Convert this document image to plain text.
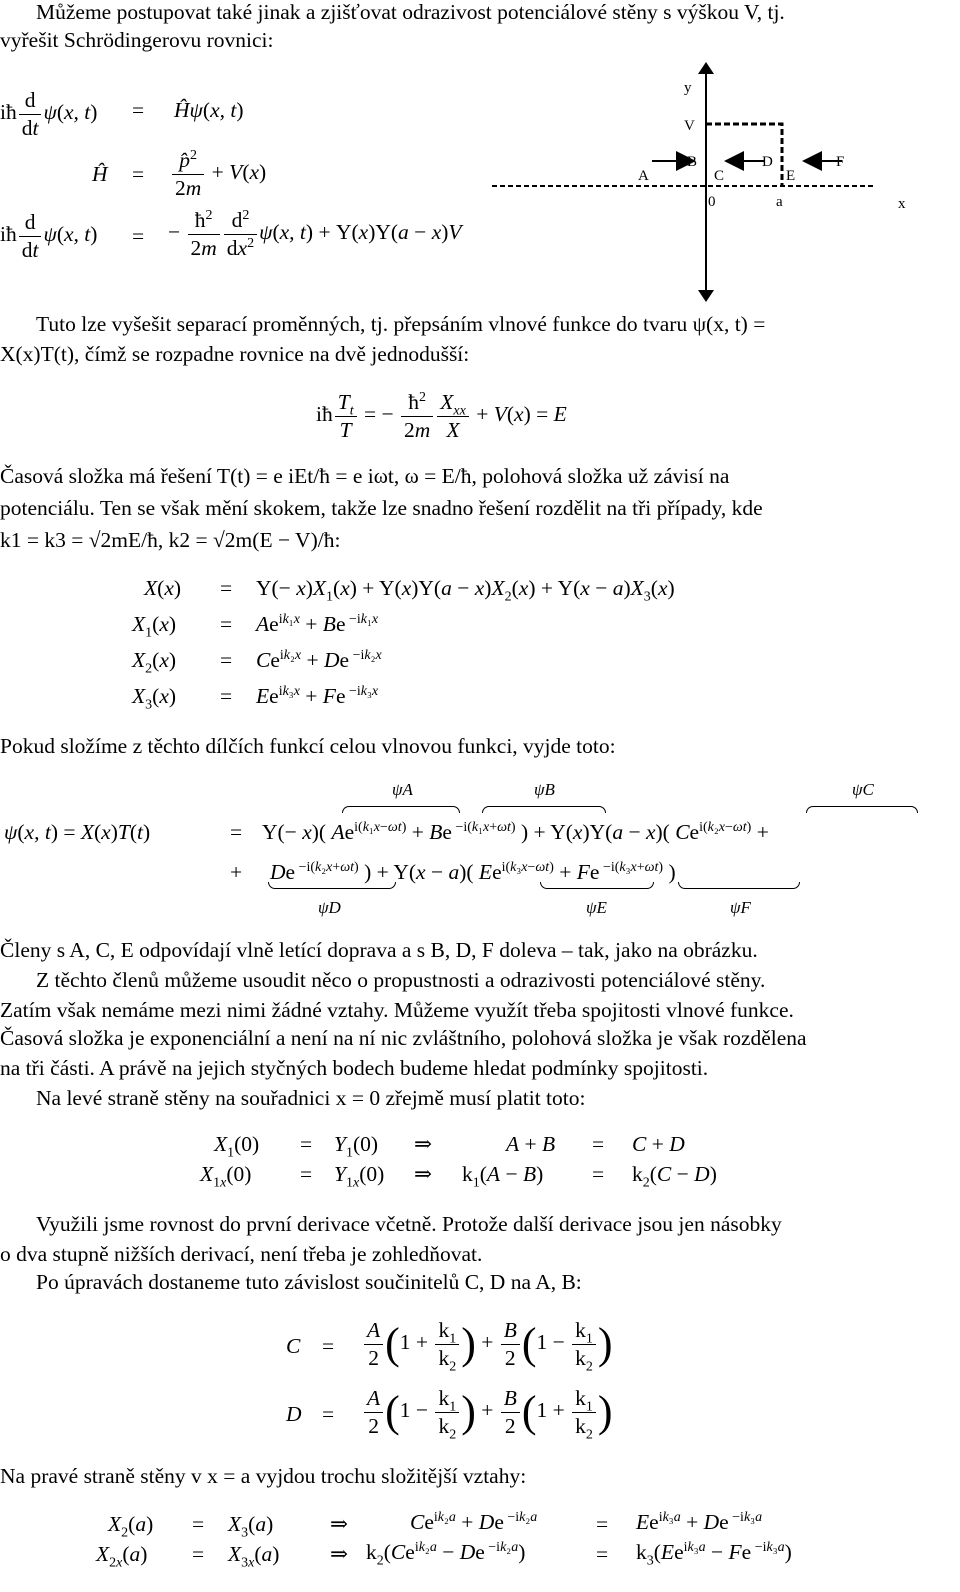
Můžeme postupovat také jinak a zjišťovat odrazivost potenciálové stěny s výškou V, tj.
vyřešit Schrödingerovu rovnici:
iħ $\frac{d}{dt} \psi(x$, t) = Ĥψ(x, t)
Ĥ = $\frac{p̂^2}{2m} + V(x)$
iħ $\frac{d}{dt} \psi(x$, t) = − $\frac{ħ^2}{2m} \frac{d^2}{dx^2} \psi(x$, t) + Y(x)Y(a − x)V
y
V
A
B
C
D
E
F
0	a	x
Tuto lze vyšešit separací proměnných, tj. přepsáním vlnové funkce do tvaru ψ(x, t) =
X(x)T(t), čímž se rozpadne rovnice na dvě jednodušší:
iħ $\frac{T_t}{T}$ = − $\frac{ħ^2}{2m} \frac{X_{xx}}{X} + V(x) = E$
Časová složka má řešení T(t) = e iEt/ħ = e iωt, ω = E/ħ, polohová složka už závisí na
potenciálu. Ten se však mění skokem, takže lze snadno řešení rozdělit na tři případy, kde
k1 = k3 = √2mE/ħ, k2 = √2m(E − V)/ħ:
$X(x) = Y(- x)X_1(x) + Y(x)Y(a - x)X_2(x) + Y(x - a)X_3(x)$
$X_1(x) = Ae^{ik_1x} + Be$ $^{-ik_1x}$
$X_2(x) = Ce^{ik_2x} + De$ $^{-ik_2x}$
$X_3(x) = Ee^{ik_3x} + Fe$ $^{-ik_3x}$
Pokud složíme z těchto dílčích funkcí celou vlnovou funkci, vyjde toto:
ψA	ψB	ψC
ψ(x, t) = X(x)T(t)	= Y(− x)( $Ae^{i(k_1x-\omega t)} + Be$ $^{-i(k_1x+\omega t)}$ ) + Y(x)Y(a − x)( $Ce^{i(k_2x-\omega t)}$ +
+ De $^{-i(k_2x+\omega t)}$ ) + Y(x − a)( $Ee^{i(k_3x-\omega t)} + Fe$ $^{-i(k_3x+\omega t)}$ )
ψD	ψE	ψF
Členy s A, C, E odpovídají vlně letící doprava a s B, D, F doleva – tak, jako na obrázku.
Z těchto členů můžeme usoudit něco o propustnosti a odrazivosti potenciálové stěny.
Zatím však nemáme mezi nimi žádné vztahy. Můžeme využít třeba spojitosti vlnové funkce.
Časová složka je exponenciální a není na ní nic zvláštního, polohová složka je však rozdělena
na tři části. A právě na jejich styčných bodech budeme hledat podmínky spojitosti.
Na levé straně stěny na souřadnici x = 0 zřejmě musí platit toto:
$X_1(0) = Y_1(0)$ ⇒	A + B = C + D
$X_{1x}(0) = Y_{1x}(0)$ ⇒ $k_1(A - B) = k_2(C - D)$
Využili jsme rovnost do první derivace včetně. Protože další derivace jsou jen násobky
o dva stupně nižších derivací, není třeba je zohledňovat.
Po úpravách dostaneme tuto závislost součinitelů C, D na A, B:
$C = \frac{A}{2} (1 + \frac{k_1}{k_2}$ ) + $\frac{B}{2} (1 - \frac{k_1}{k_2}$ )
$D = \frac{A}{2} (1 - \frac{k_1}{k_2}$ ) + $\frac{B}{2} (1 + \frac{k_1}{k_2}$ )
Na pravé straně stěny v x = a vyjdou trochu složitější vztahy:
$X_2(a) = X_3(a)$	⇒	$Ce^{ik_2a} + De$ $^{-ik_2a}$	= $Ee^{ik_3a} + De$ $^{-ik_3a}$
$X_{2x}(a) = X_{3x}(a)$ ⇒ $k_2(Ce^{ik_2a} - De$ $^{-ik_2a}$)	= $k_3(Ee^{ik_3a} - Fe$ $^{-ik_3a}$)
